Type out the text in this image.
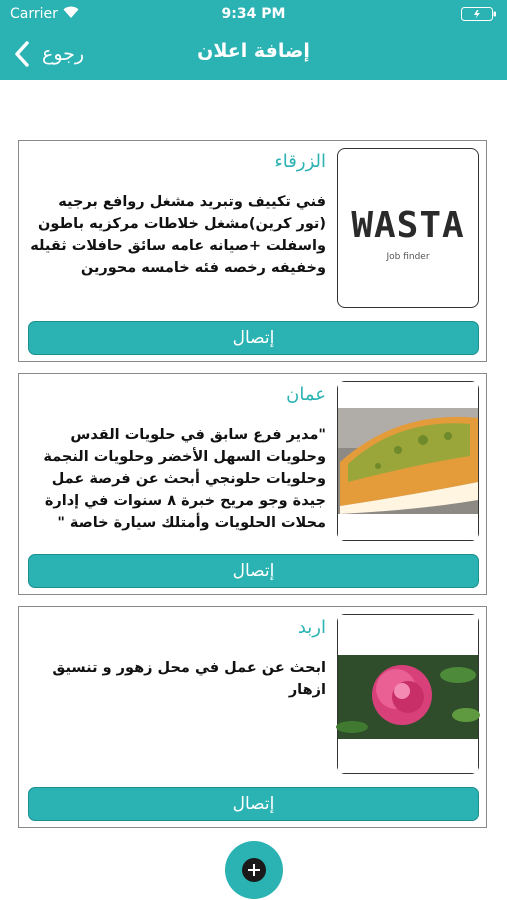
Carrier	9:34 PM
رجوع	إضافة اعلان
WASTA
Job finder
الزرقاء
فني تكييف وتبريد مشغل روافع برجيه (تور كرين)مشغل خلاطات مركزيه باطون واسفلت +صيانه عامه سائق حافلات ثقيله وخفيفه رخصه فئه خامسه محورين
إتصال
عمان
"مدير فرع سابق في حلويات القدس وحلويات السهل الأخضر وحلويات النجمة وحلويات حلونجي أبحث عن فرصة عمل جيدة وجو مريح خبرة ٨ سنوات في إدارة محلات الحلويات وأمتلك سيارة خاصة "
إتصال
اربد
ابحث عن عمل في محل زهور و تنسيق ازهار
إتصال
